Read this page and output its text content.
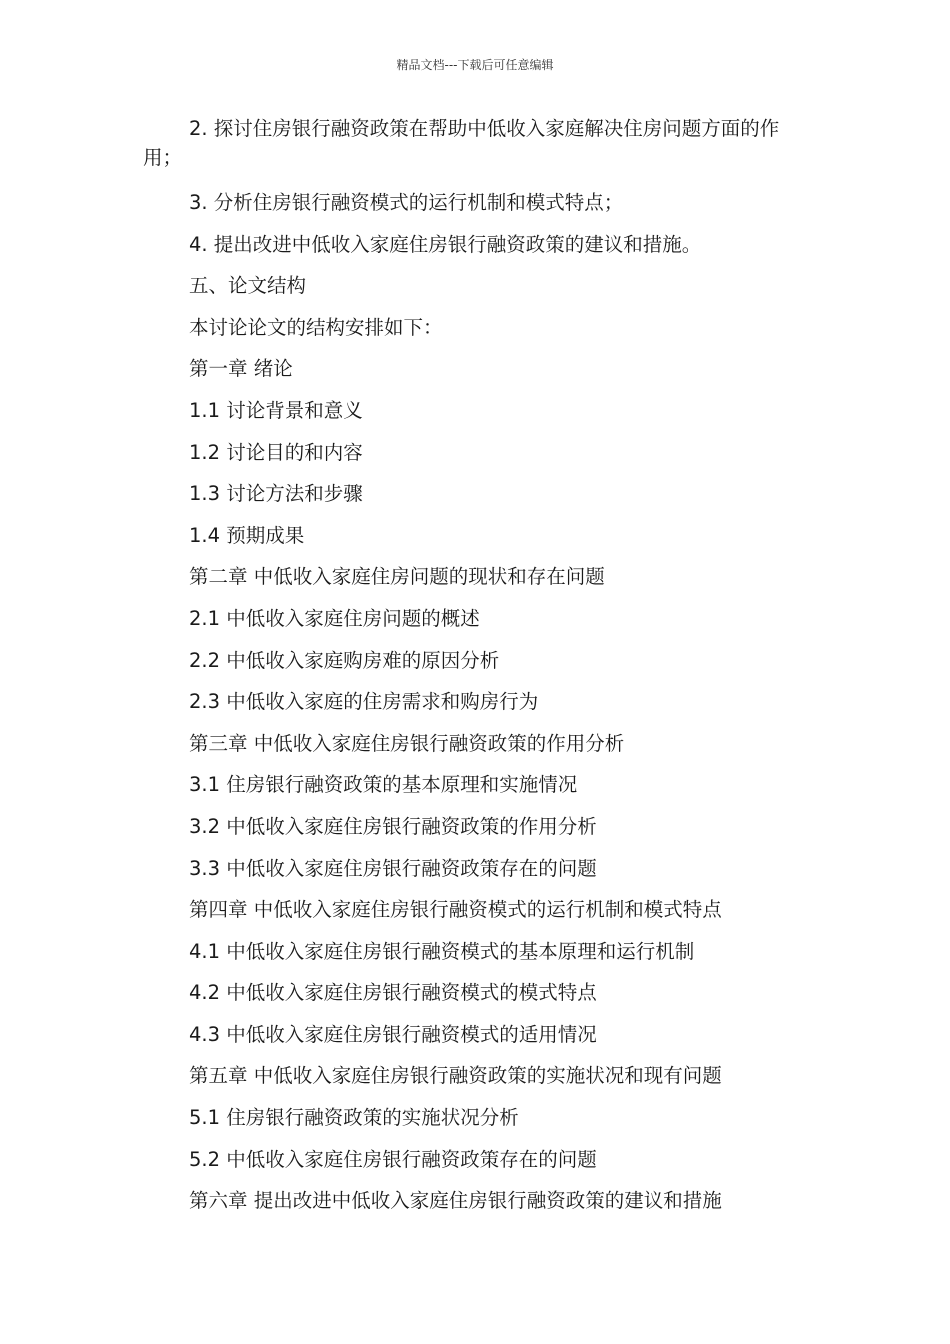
精品文档---下载后可任意编辑

2. 探讨住房银行融资政策在帮助中低收入家庭解决住房问题方面的作用；

3. 分析住房银行融资模式的运行机制和模式特点；

4. 提出改进中低收入家庭住房银行融资政策的建议和措施。

五、论文结构

本讨论论文的结构安排如下：

第一章 绪论

1.1 讨论背景和意义

1.2 讨论目的和内容

1.3 讨论方法和步骤

1.4 预期成果

第二章 中低收入家庭住房问题的现状和存在问题

2.1 中低收入家庭住房问题的概述

2.2 中低收入家庭购房难的原因分析

2.3 中低收入家庭的住房需求和购房行为

第三章 中低收入家庭住房银行融资政策的作用分析

3.1 住房银行融资政策的基本原理和实施情况

3.2 中低收入家庭住房银行融资政策的作用分析

3.3 中低收入家庭住房银行融资政策存在的问题

第四章 中低收入家庭住房银行融资模式的运行机制和模式特点

4.1 中低收入家庭住房银行融资模式的基本原理和运行机制

4.2 中低收入家庭住房银行融资模式的模式特点

4.3 中低收入家庭住房银行融资模式的适用情况

第五章 中低收入家庭住房银行融资政策的实施状况和现有问题

5.1 住房银行融资政策的实施状况分析

5.2 中低收入家庭住房银行融资政策存在的问题

第六章 提出改进中低收入家庭住房银行融资政策的建议和措施
